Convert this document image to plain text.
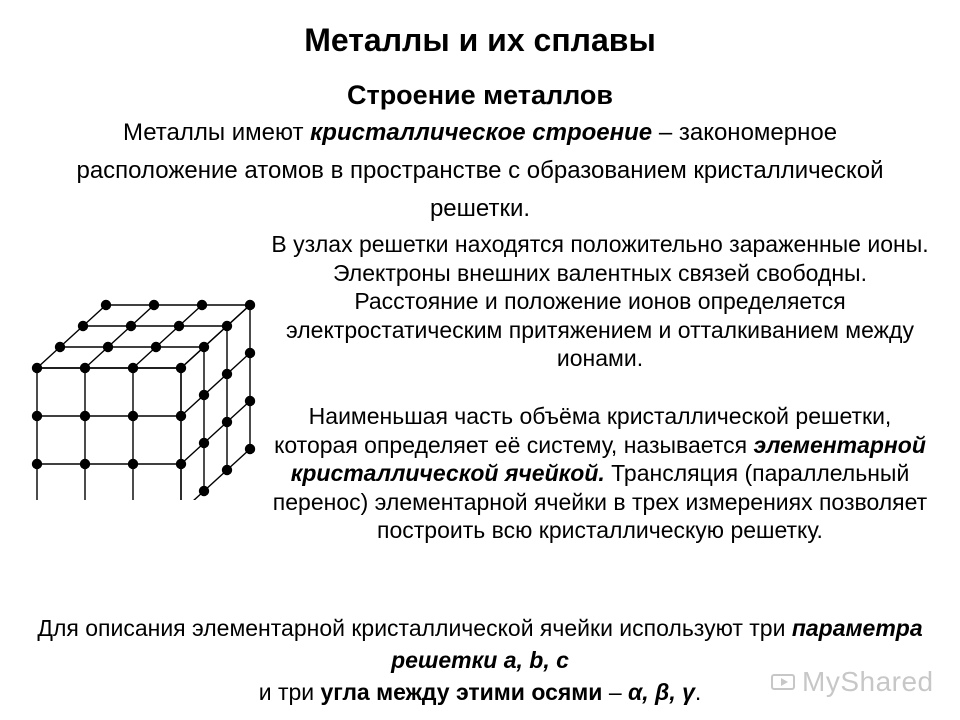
Металлы и их сплавы
Строение металлов
Металлы имеют кристаллическое строение – закономерное расположение атомов в пространстве с образованием кристаллической решетки.
В узлах решетки находятся положительно зараженные ионы. Электроны внешних валентных связей свободны. Расстояние и положение ионов определяется электростатическим притяжением и отталкиванием между ионами.
Наименьшая часть объёма кристаллической решетки, которая определяет её систему, называется элементарной кристаллической ячейкой. Трансляция (параллельный перенос) элементарной ячейки в трех измерениях позволяет построить всю кристаллическую решетку.
Для описания элементарной кристаллической ячейки используют три параметра решетки a, b, c
и три угла между этими осями – α, β, γ.	MyShared
